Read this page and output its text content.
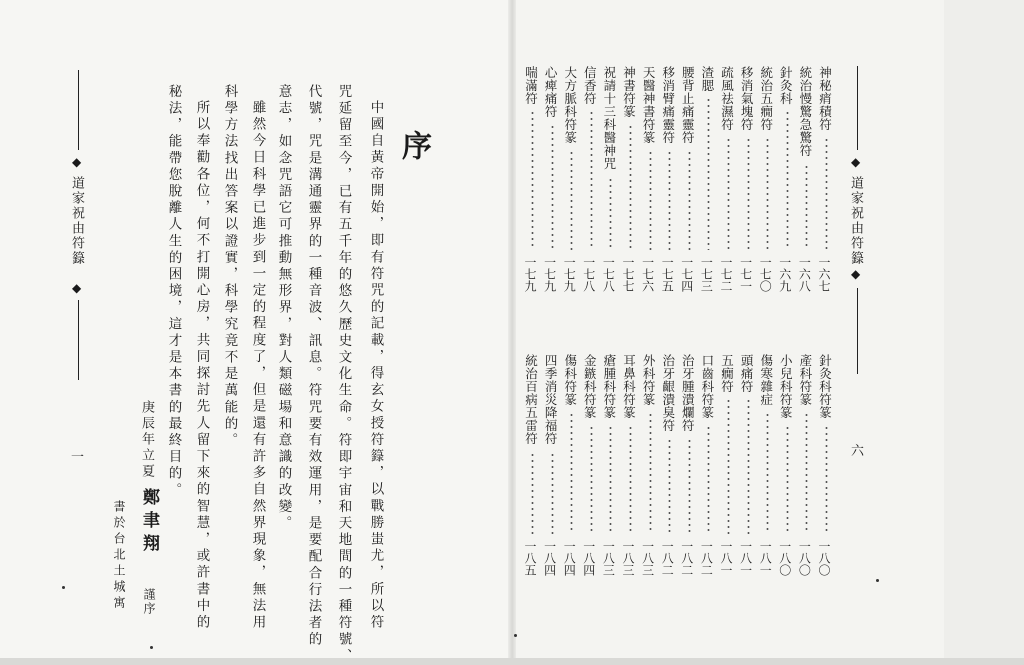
◆
道家祝由符籙
◆
一
序
中國自黃帝開始，即有符咒的記載，得玄女授符籙，以戰勝蚩尤，所以符
咒延留至今，已有五千年的悠久歷史文化生命。符即宇宙和天地間的一種符號、
代號，咒是溝通靈界的一種音波、訊息。符咒要有效運用，是要配合行法者的
意志，如念咒語它可推動無形界，對人類磁場和意識的改變。
雖然今日科學已進步到一定的程度了，但是還有許多自然界現象，無法用
科學方法找出答案以證實，科學究竟不是萬能的。
所以奉勸各位，何不打開心房，共同探討先人留下來的智慧，或許書中的
秘法，能帶您脫離人生的困境，這才是本書的最終目的。
庚辰年立夏
鄭聿翔
謹序
書於台北土城寓
◆
道家祝由符籙
◆
六
神秘痟積符
一六七
統治慢驚急驚符
一六八
針灸科
一六九
統治五癇符
一七〇
移消氣塊符
一七一
疏風祛濕符
一七二
渣腮
一七三
腰背止痛靈符
一七四
移消臂痛靈符
一七五
天醫神書符篆
一七六
神書符篆
一七七
祝請十三科醫神咒
一七八
信香符
一七八
大方脈科符篆
一七九
心痺痛符
一七九
喘滿符
一七九
針灸科符篆
一八〇
產科符篆
一八〇
小兒科符篆
一八〇
傷寒雜症
一八一
頭痛符
一八一
五癇符
一八一
口齒科符篆
一八二
治牙腫潰爛符
一八二
治牙齦潰臭符
一八二
外科符篆
一八三
耳鼻科符篆
一八三
瘡腫科符篆
一八三
金鏃科符篆
一八四
傷科符篆
一八四
四季消災降福符
一八四
統治百病五雷符
一八五
